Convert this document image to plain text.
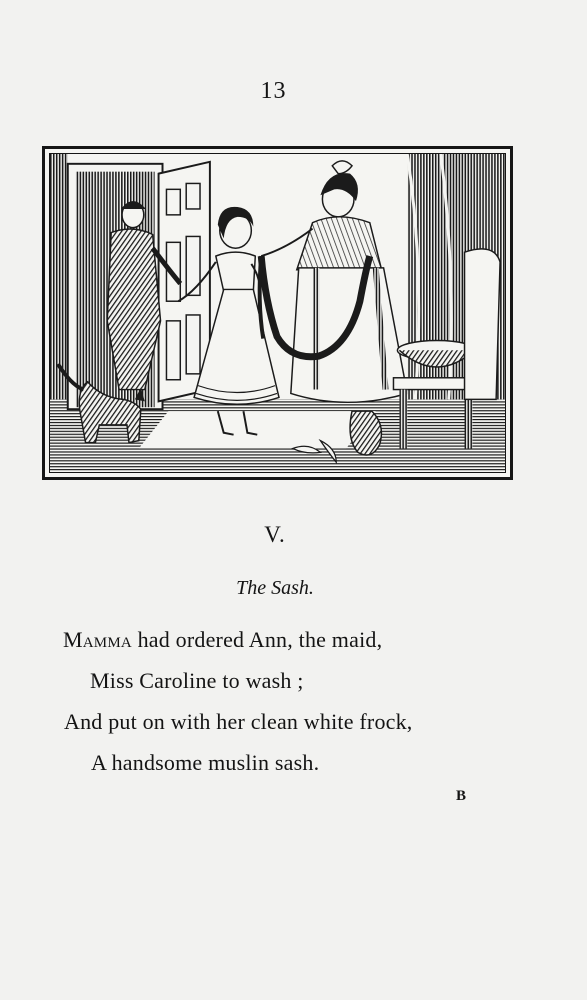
13
V.
The Sash.
Mamma had ordered Ann, the maid,
Miss Caroline to wash ;
And put on with her clean white frock,
A handsome muslin sash.
B
